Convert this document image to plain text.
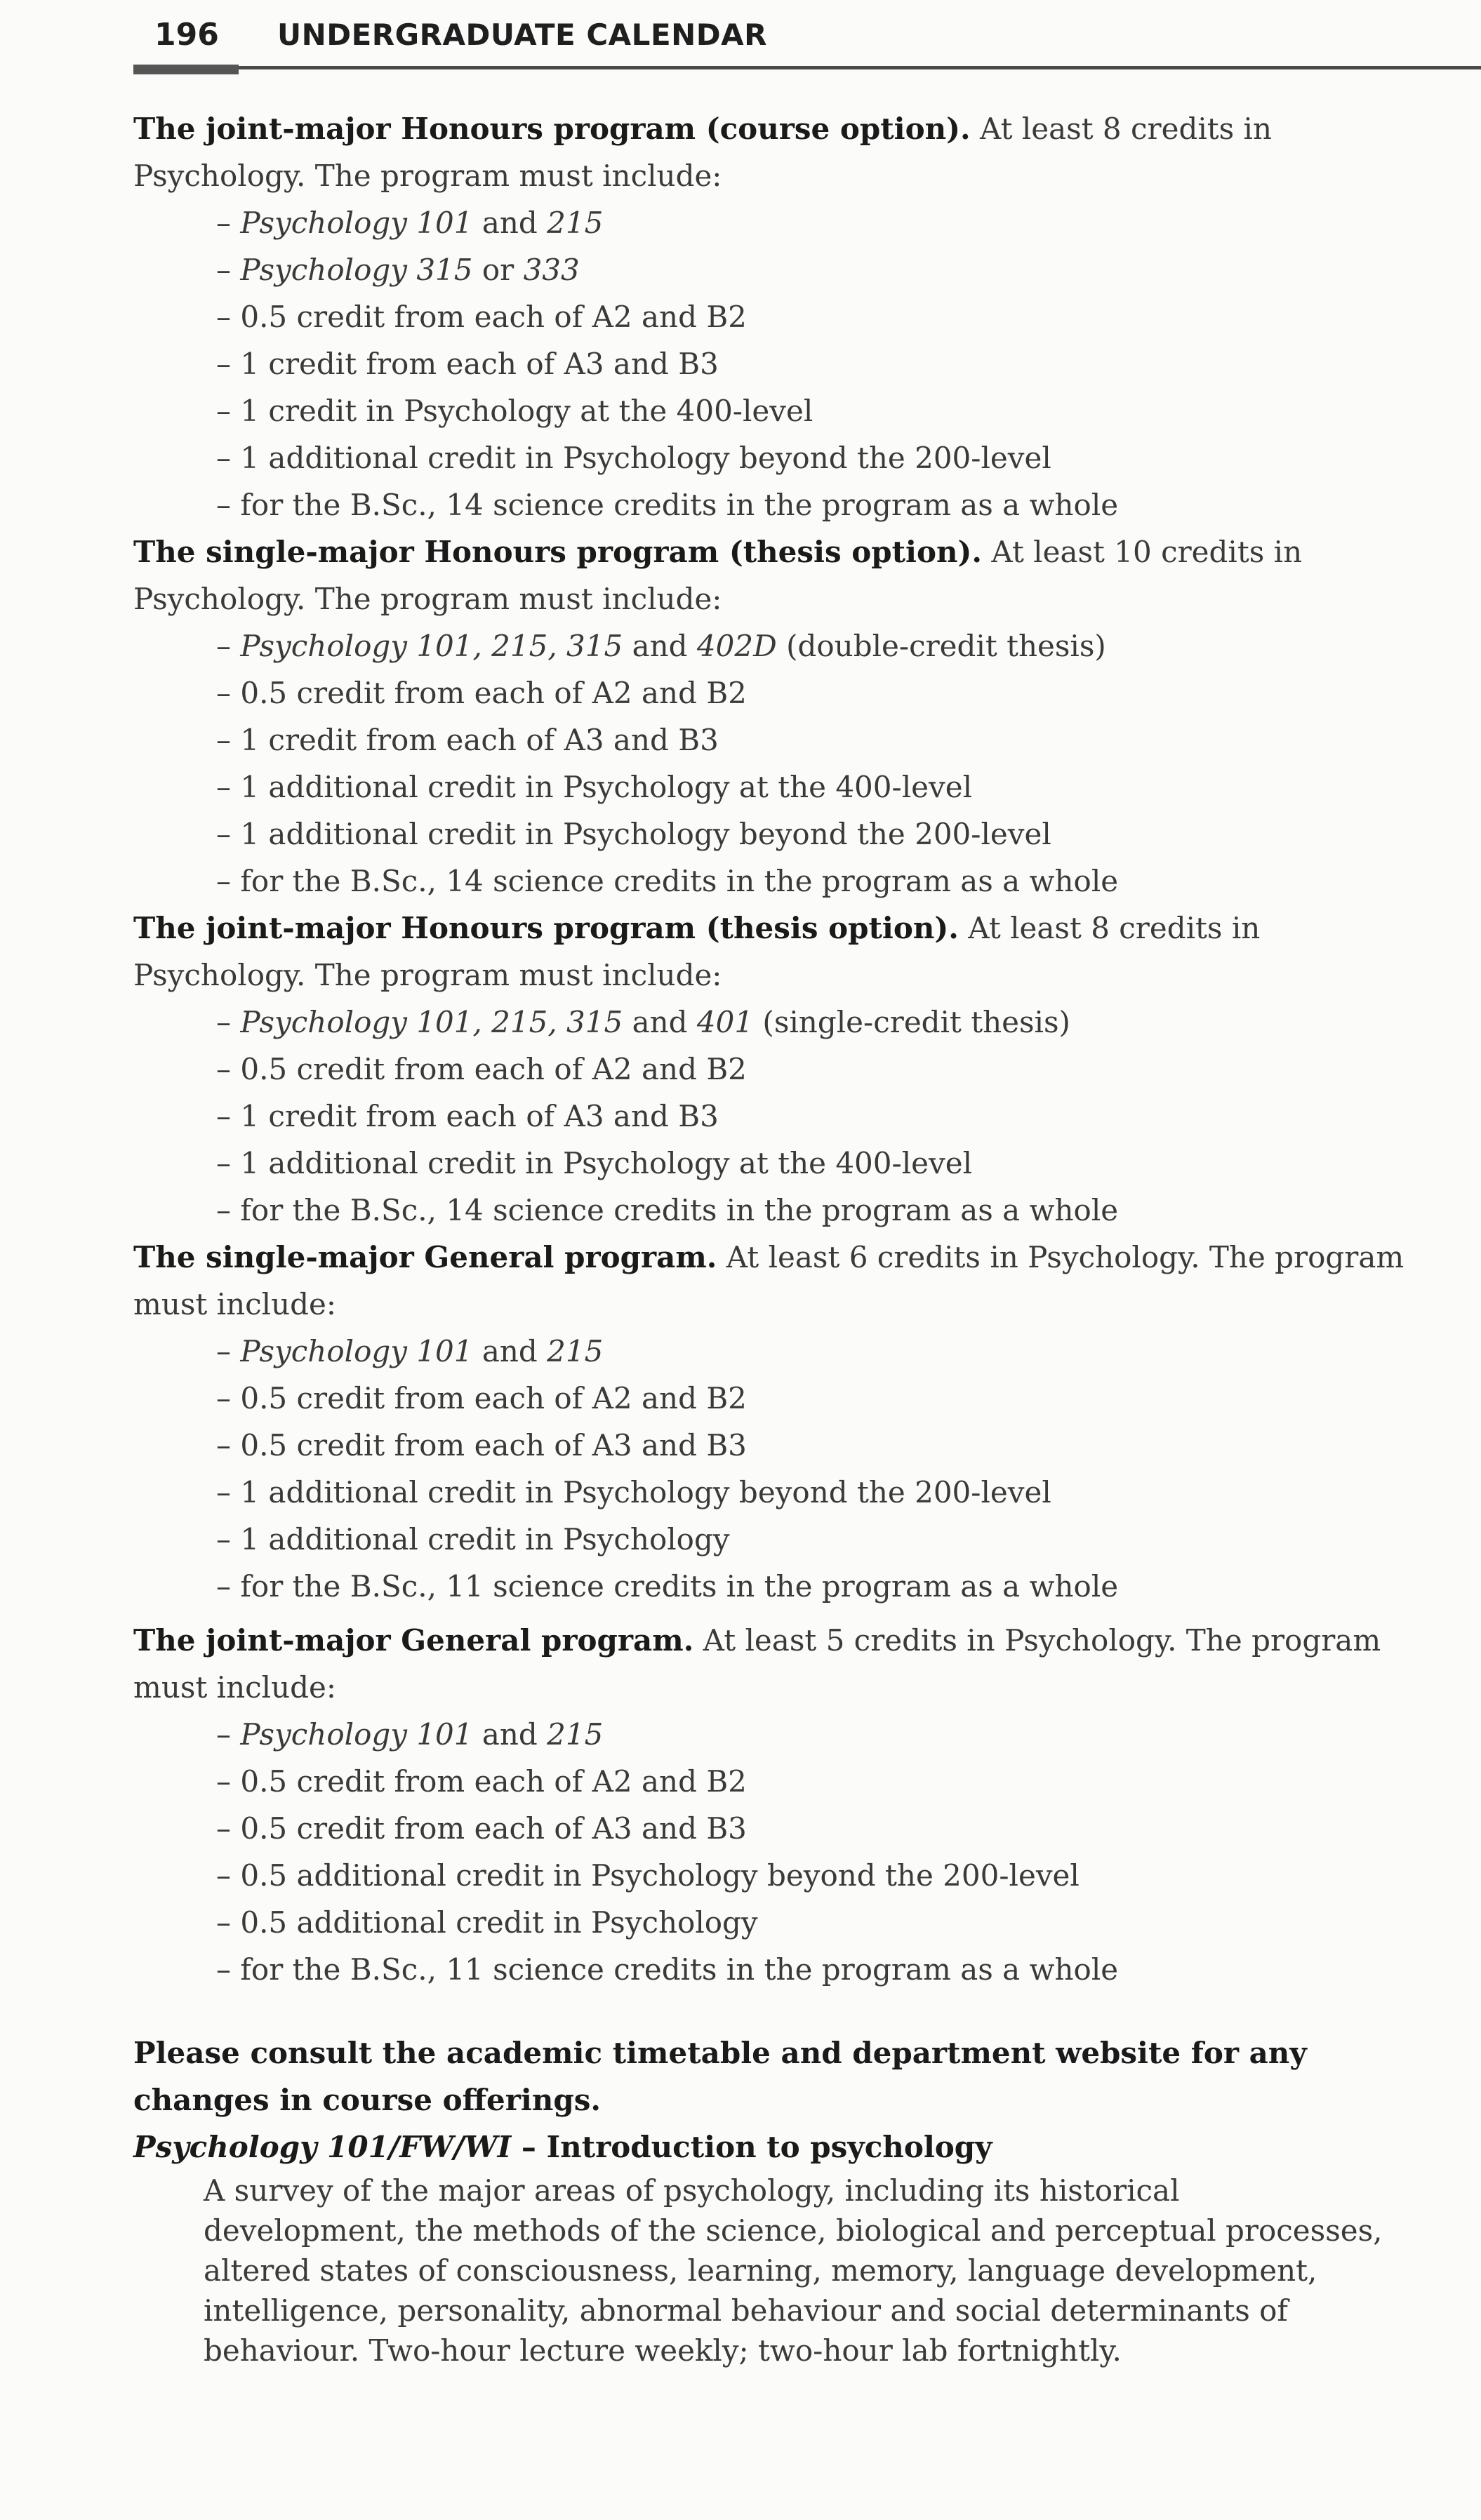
196 UNDERGRADUATE CALENDAR

The joint-major Honours program (course option). At least 8 credits in Psychology. The program must include:

– Psychology 101 and 215
– Psychology 315 or 333
– 0.5 credit from each of A2 and B2
– 1 credit from each of A3 and B3
– 1 credit in Psychology at the 400-level
– 1 additional credit in Psychology beyond the 200-level
– for the B.Sc., 14 science credits in the program as a whole

The single-major Honours program (thesis option). At least 10 credits in Psychology. The program must include:

– Psychology 101, 215, 315 and 402D (double-credit thesis)
– 0.5 credit from each of A2 and B2
– 1 credit from each of A3 and B3
– 1 additional credit in Psychology at the 400-level
– 1 additional credit in Psychology beyond the 200-level
– for the B.Sc., 14 science credits in the program as a whole

The joint-major Honours program (thesis option). At least 8 credits in Psychology. The program must include:

– Psychology 101, 215, 315 and 401 (single-credit thesis)
– 0.5 credit from each of A2 and B2
– 1 credit from each of A3 and B3
– 1 additional credit in Psychology at the 400-level
– for the B.Sc., 14 science credits in the program as a whole

The single-major General program. At least 6 credits in Psychology. The program must include:

– Psychology 101 and 215
– 0.5 credit from each of A2 and B2
– 0.5 credit from each of A3 and B3
– 1 additional credit in Psychology beyond the 200-level
– 1 additional credit in Psychology
– for the B.Sc., 11 science credits in the program as a whole

The joint-major General program. At least 5 credits in Psychology. The program must include:

– Psychology 101 and 215
– 0.5 credit from each of A2 and B2
– 0.5 credit from each of A3 and B3
– 0.5 additional credit in Psychology beyond the 200-level
– 0.5 additional credit in Psychology
– for the B.Sc., 11 science credits in the program as a whole

Please consult the academic timetable and department website for any changes in course offerings.

Psychology 101/FW/WI – Introduction to psychology

A survey of the major areas of psychology, including its historical development, the methods of the science, biological and perceptual processes, altered states of consciousness, learning, memory, language development, intelligence, personality, abnormal behaviour and social determinants of behaviour. Two-hour lecture weekly; two-hour lab fortnightly.
